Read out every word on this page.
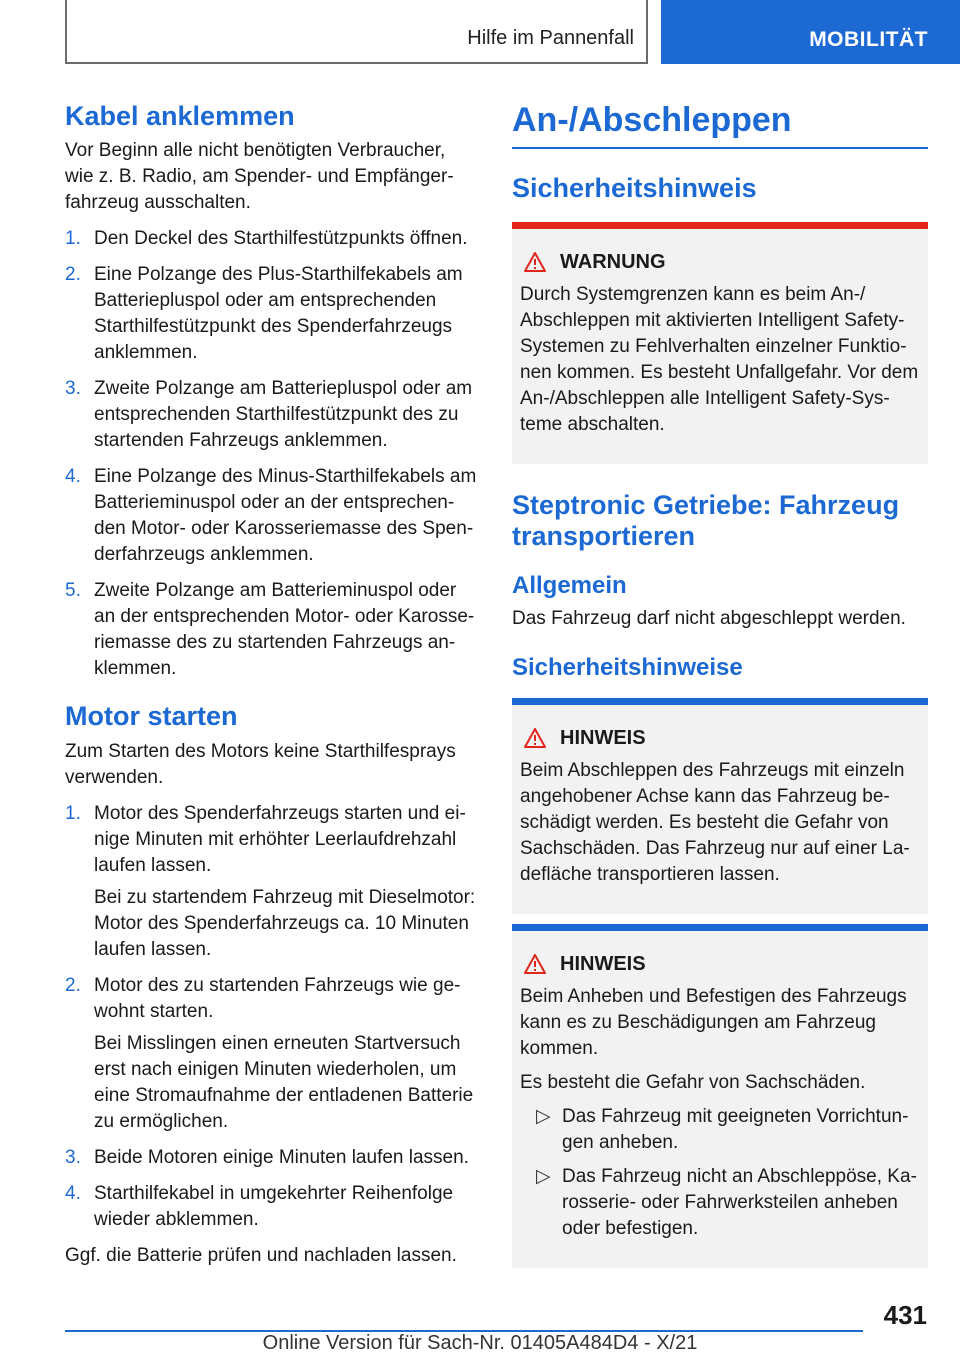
Hilfe im Pannenfall	MOBILITÄT
Kabel anklemmen

Vor Beginn alle nicht benötigten Verbraucher, wie z. B. Radio, am Spender- und Empfängerfahrzeug ausschalten.

1. Den Deckel des Starthilfestützpunkts öffnen.
2. Eine Polzange des Plus-Starthilfekabels am Batteriepluspol oder am entsprechenden Starthilfestützpunkt des Spenderfahrzeugs anklemmen.
3. Zweite Polzange am Batteriepluspol oder am entsprechenden Starthilfestützpunkt des zu startenden Fahrzeugs anklemmen.
4. Eine Polzange des Minus-Starthilfekabels am Batterieminuspol oder an der entsprechenden Motor- oder Karosseriemasse des Spenderfahrzeugs anklemmen.
5. Zweite Polzange am Batterieminuspol oder an der entsprechenden Motor- oder Karosseriemasse des zu startenden Fahrzeugs anklemmen.
Motor starten

Zum Starten des Motors keine Starthilfesprays verwenden.

1. Motor des Spenderfahrzeugs starten und einige Minuten mit erhöhter Leerlaufdrehzahl laufen lassen.

Bei zu startendem Fahrzeug mit Dieselmotor: Motor des Spenderfahrzeugs ca. 10 Minuten laufen lassen.

2. Motor des zu startenden Fahrzeugs wie gewohnt starten.

Bei Misslingen einen erneuten Startversuch erst nach einigen Minuten wiederholen, um eine Stromaufnahme der entladenen Batterie zu ermöglichen.

3. Beide Motoren einige Minuten laufen lassen.
4. Starthilfekabel in umgekehrter Reihenfolge wieder abklemmen.

Ggf. die Batterie prüfen und nachladen lassen.

An-/Abschleppen
Sicherheitshinweis
WARNUNG

Durch Systemgrenzen kann es beim An-/ Abschleppen mit aktivierten Intelligent Safety-Systemen zu Fehlverhalten einzelner Funktionen kommen. Es besteht Unfallgefahr. Vor dem An-/Abschleppen alle Intelligent Safety-Systeme abschalten.

Steptronic Getriebe: Fahrzeug transportieren
Allgemein

Das Fahrzeug darf nicht abgeschleppt werden.

Sicherheitshinweise
HINWEIS

Beim Abschleppen des Fahrzeugs mit einzeln angehobener Achse kann das Fahrzeug beschädigt werden. Es besteht die Gefahr von Sachschäden. Das Fahrzeug nur auf einer Ladefläche transportieren lassen.

HINWEIS

Beim Anheben und Befestigen des Fahrzeugs kann es zu Beschädigungen am Fahrzeug kommen.

Es besteht die Gefahr von Sachschäden.

▷ Das Fahrzeug mit geeigneten Vorrichtungen anheben.
▷ Das Fahrzeug nicht an Abschleppöse, Karosserie- oder Fahrwerksteilen anheben oder befestigen.
431
Online Version für Sach-Nr. 01405A484D4 - X/21
